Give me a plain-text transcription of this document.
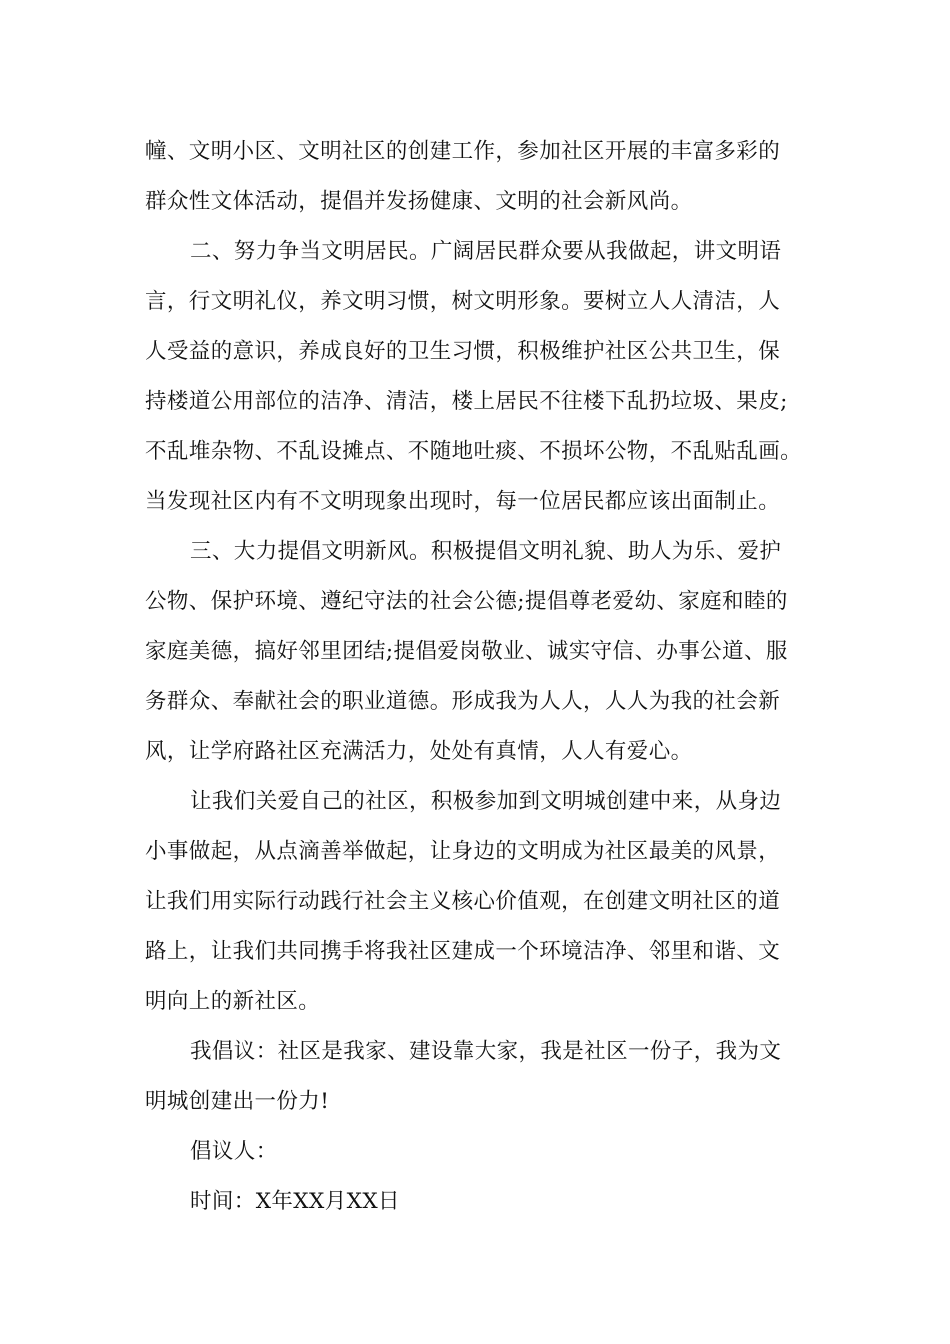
幢、文明小区、文明社区的创建工作，参加社区开展的丰富多彩的
群众性文体活动，提倡并发扬健康、文明的社会新风尚。
二、努力争当文明居民。广阔居民群众要从我做起，讲文明语
言，行文明礼仪，养文明习惯，树文明形象。要树立人人清洁，人
人受益的意识，养成良好的卫生习惯，积极维护社区公共卫生，保
持楼道公用部位的洁净、清洁，楼上居民不往楼下乱扔垃圾、果皮;
不乱堆杂物、不乱设摊点、不随地吐痰、不损坏公物，不乱贴乱画。
当发现社区内有不文明现象出现时，每一位居民都应该出面制止。
三、大力提倡文明新风。积极提倡文明礼貌、助人为乐、爱护
公物、保护环境、遵纪守法的社会公德;提倡尊老爱幼、家庭和睦的
家庭美德，搞好邻里团结;提倡爱岗敬业、诚实守信、办事公道、服
务群众、奉献社会的职业道德。形成我为人人，人人为我的社会新
风，让学府路社区充满活力，处处有真情，人人有爱心。
让我们关爱自己的社区，积极参加到文明城创建中来，从身边
小事做起，从点滴善举做起，让身边的文明成为社区最美的风景，
让我们用实际行动践行社会主义核心价值观，在创建文明社区的道
路上，让我们共同携手将我社区建成一个环境洁净、邻里和谐、文
明向上的新社区。
我倡议：社区是我家、建设靠大家，我是社区一份子，我为文
明城创建出一份力!
倡议人：
时间：X年XX月XX日
